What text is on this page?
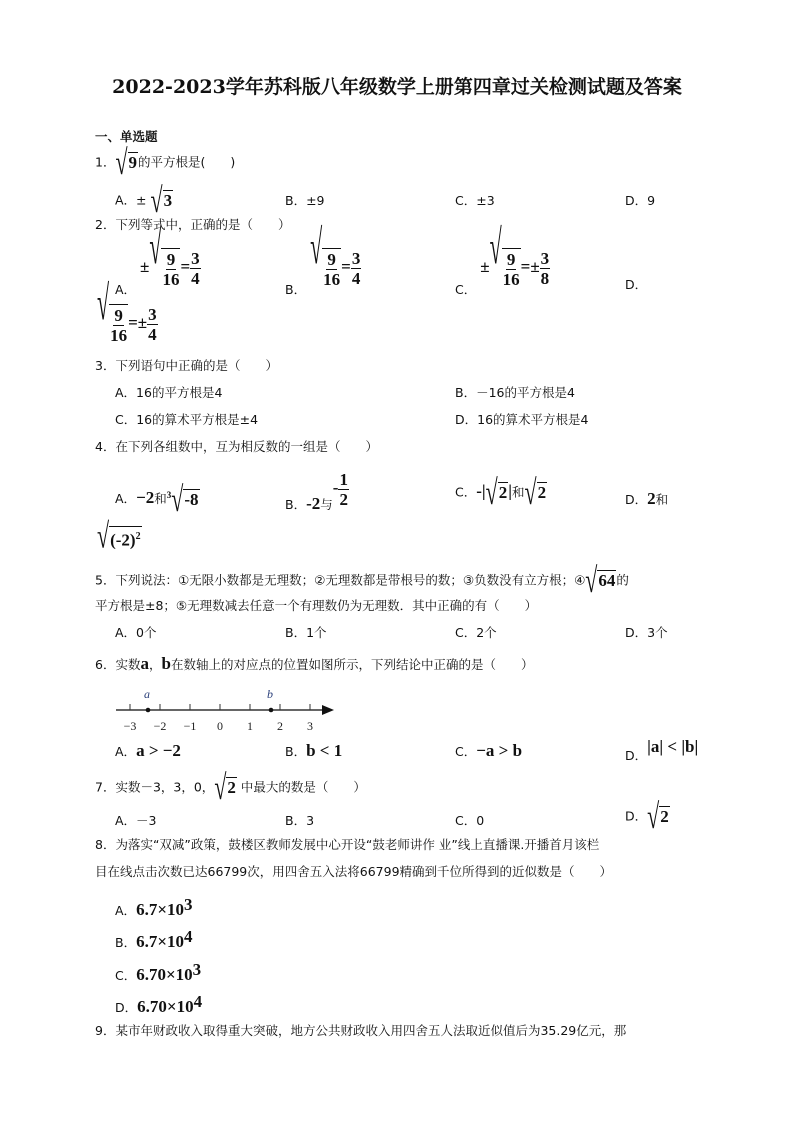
2022-2023学年苏科版八年级数学上册第四章过关检测试题及答案
一、单选题
1． √ 9 的平方根是(　　)
A．± √ 3	B．±9	C．±3	D．9
2．下列等式中，正确的是（　　）
A． ± √ $\frac{9}{16} = \frac{3}{4}$
B．
√ $\frac{9}{16} = \frac{3}{4}$
C． ± √ $\frac{9}{16} =\pm \frac{3}{8}$	D．
√ $\frac{9}{16} =\pm \frac{3}{4}$
3．下列语句中正确的是（　　）
A．16的平方根是4	B．－16的平方根是4
C．16的算术平方根是±4	D．16的算术平方根是4
4．在下列各组数中，互为相反数的一组是（　　）
A．−2和$^3$ √ -8	B．-2与- $\frac{1}{2}$	C．-| √ 2 |和 √ 2	D．2和
√ $(-2)^2$
5．下列说法：①无限小数都是无理数；②无理数都是带根号的数；③负数没有立方根；④ √ 64 的
平方根是±8；⑤无理数减去任意一个有理数仍为无理数．其中正确的有（　　）
A．0个	B．1个	C．2个	D．3个
6．实数a，b在数轴上的对应点的位置如图所示，下列结论中正确的是（　　）
−3 −2 −1 0 1 2 3
a	b
A．a > −2	B．b < 1	C．−a > b	D．|a| < |b|
7．实数－3，3，0， √ 2 中最大的数是（　　）
A．－3	B．3	C．0	D． √ 2
8．为落实“双减”政策，鼓楼区教师发展中心开设“鼓老师讲作 业”线上直播课.开播首月该栏
目在线点击次数已达66799次，用四舍五入法将66799精确到千位所得到的近似数是（　　）
A．$6.7\times 10^3$
B．$6.7\times 10^4$
C．$6.70\times 10^3$
D．$6.70\times 10^4$
9．某市年财政收入取得重大突破，地方公共财政收入用四舍五人法取近似值后为35.29亿元，那
